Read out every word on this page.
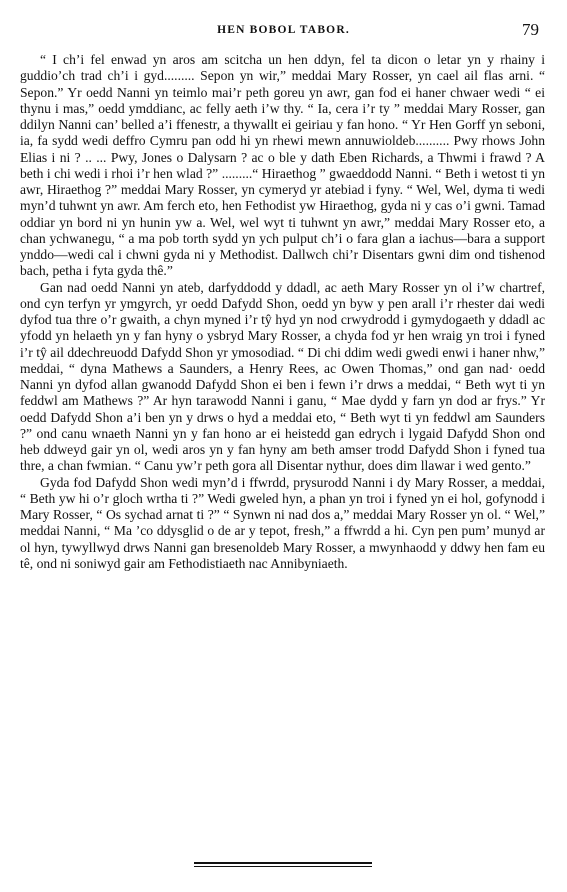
HEN BOBOL TABOR.	79

“ I ch’i fel enwad yn aros am scitcha un hen ddyn, fel ta dicon o letar yn y rhainy i guddio’ch trad ch’i i gyd......... Sepon yn wir,” meddai Mary Rosser, yn cael ail flas arni. “ Sepon.” Yr oedd Nanni yn teimlo mai’r peth goreu yn awr, gan fod ei haner chwaer wedi “ ei thynu i mas,” oedd ymddianc, ac felly aeth i’w thy. “ Ia, cera i’r ty ” meddai Mary Rosser, gan ddilyn Nanni can’ belled a’i ffenestr, a thywallt ei geiriau y fan hono. “ Yr Hen Gorff yn seboni, ia, fa sydd wedi deffro Cymru pan odd hi yn rhewi mewn annuwioldeb.......... Pwy rhows John Elias i ni ? .. ... Pwy, Jones o Dalysarn ? ac o ble y dath Eben Richards, a Thwmi i frawd ? A beth i chi wedi i rhoi i’r hen wlad ?” .........“ Hiraethog ” gwaeddodd Nanni. “ Beth i wetost ti yn awr, Hiraethog ?” meddai Mary Rosser, yn cymeryd yr atebiad i fyny. “ Wel, Wel, dyma ti wedi myn’d tuhwnt yn awr. Am ferch eto, hen Fethodist yw Hiraethog, gyda ni y cas o’i gwni. Tamad oddiar yn bord ni yn hunin yw a. Wel, wel wyt ti tuhwnt yn awr,” meddai Mary Rosser eto, a chan ychwanegu, “ a ma pob torth sydd yn ych pulput ch’i o fara glan a iachus—bara a support ynddo—wedi cal i chwni gyda ni y Methodist. Dallwch chi’r Disentars gwni dim ond tishenod bach, petha i fyta gyda thê.”

Gan nad oedd Nanni yn ateb, darfyddodd y ddadl, ac aeth Mary Rosser yn ol i’w chartref, ond cyn terfyn yr ymgyrch, yr oedd Dafydd Shon, oedd yn byw y pen arall i’r rhester dai wedi dyfod tua thre o’r gwaith, a chyn myned i’r tŷ hyd yn nod crwydrodd i gymydogaeth y ddadl ac yfodd yn helaeth yn y fan hyny o ysbryd Mary Rosser, a chyda fod yr hen wraig yn troi i fyned i’r tŷ ail ddechreuodd Dafydd Shon yr ymosodiad. “ Di chi ddim wedi gwedi enwi i haner nhw,” meddai, “ dyna Mathews a Saunders, a Henry Rees, ac Owen Thomas,” ond gan nad· oedd Nanni yn dyfod allan gwanodd Dafydd Shon ei ben i fewn i’r drws a meddai, “ Beth wyt ti yn feddwl am Mathews ?” Ar hyn tarawodd Nanni i ganu, “ Mae dydd y farn yn dod ar frys.” Yr oedd Dafydd Shon a’i ben yn y drws o hyd a meddai eto, “ Beth wyt ti yn feddwl am Saunders ?” ond canu wnaeth Nanni yn y fan hono ar ei heistedd gan edrych i lygaid Dafydd Shon ond heb ddweyd gair yn ol, wedi aros yn y fan hyny am beth amser trodd Dafydd Shon i fyned tua thre, a chan fwmian. “ Canu yw’r peth gora all Disentar nythur, does dim llawar i wed gento.”

Gyda fod Dafydd Shon wedi myn’d i ffwrdd, prysurodd Nanni i dy Mary Rosser, a meddai, “ Beth yw hi o’r gloch wrtha ti ?” Wedi gweled hyn, a phan yn troi i fyned yn ei hol, gofynodd i Mary Rosser, “ Os sychad arnat ti ?” “ Synwn ni nad dos a,” meddai Mary Rosser yn ol. “ Wel,” meddai Nanni, “ Ma ’co ddysglid o de ar y tepot, fresh,” a ffwrdd a hi. Cyn pen pum’ munyd ar ol hyn, tywyllwyd drws Nanni gan bresenoldeb Mary Rosser, a mwynhaodd y ddwy hen fam eu tê, ond ni soniwyd gair am Fethodistiaeth nac Annibyniaeth.
